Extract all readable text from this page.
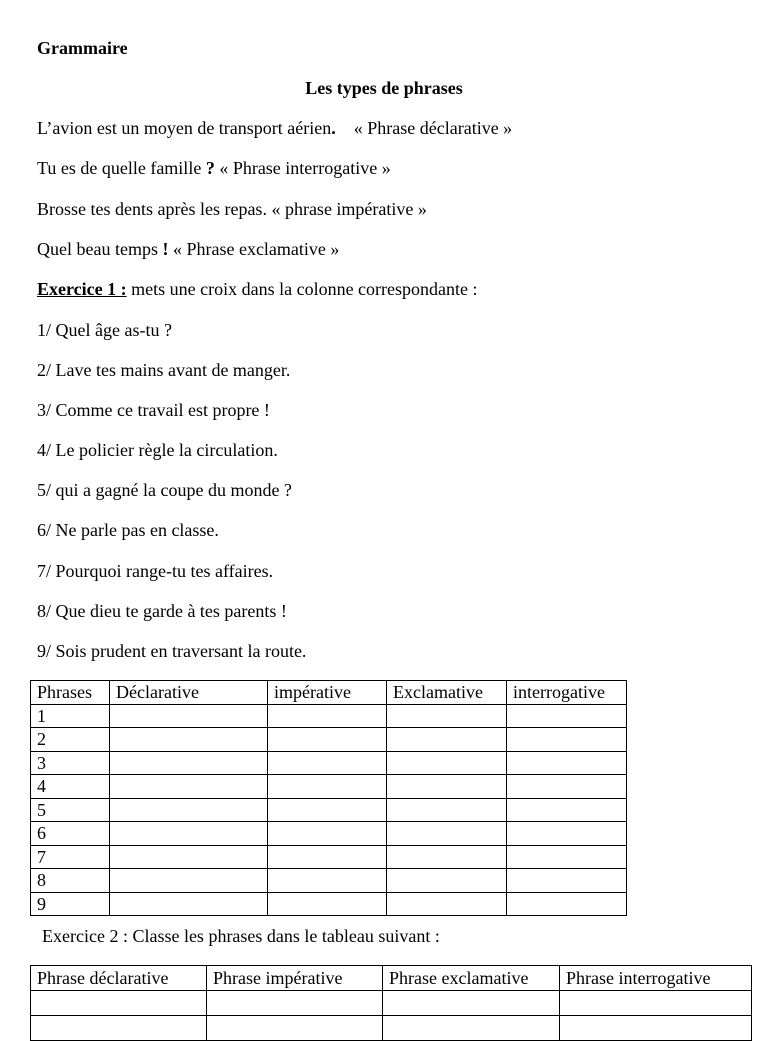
Grammaire
Les types de phrases
L’avion est un moyen de transport aérien. « Phrase déclarative »
Tu es de quelle famille ? « Phrase interrogative »
Brosse tes dents après les repas. « phrase impérative »
Quel beau temps ! « Phrase exclamative »
Exercice 1 : mets une croix dans la colonne correspondante :
1/ Quel âge as-tu ?
2/ Lave tes mains avant de manger.
3/ Comme ce travail est propre !
4/ Le policier règle la circulation.
5/ qui a gagné la coupe du monde ?
6/ Ne parle pas en classe.
7/ Pourquoi range-tu tes affaires.
8/ Que dieu te garde à tes parents !
9/ Sois prudent en traversant la route.
Phrases	Déclarative	impérative	Exclamative	interrogative
1				
2				
3				
4				
5				
6				
7				
8				
9				
Exercice 2 : Classe les phrases dans le tableau suivant :
Phrase déclarative	Phrase impérative	Phrase exclamative	Phrase interrogative
